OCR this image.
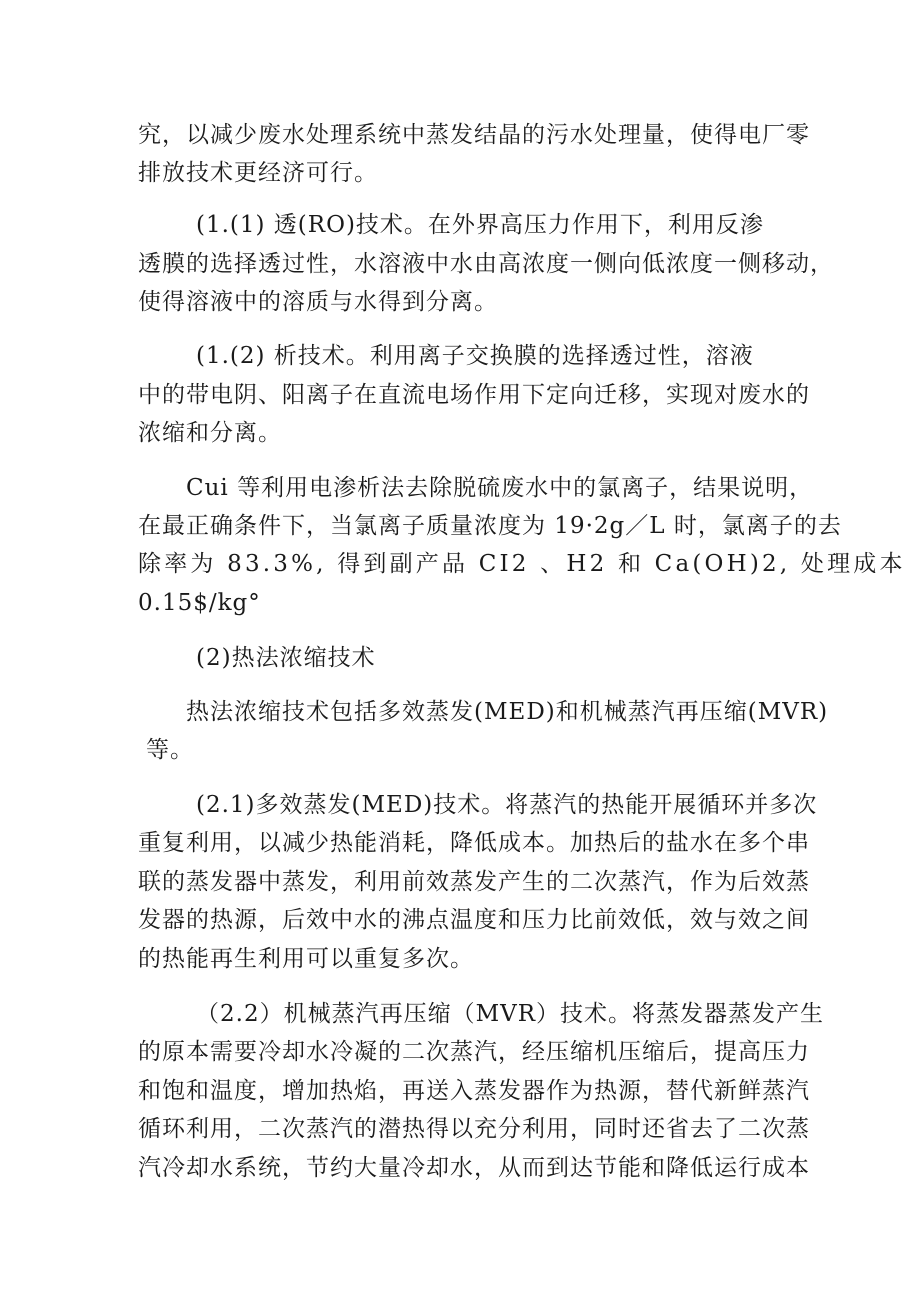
究，以减少废水处理系统中蒸发结晶的污水处理量，使得电厂零
排放技术更经济可行。
(1.(1) 透(RO)技术。在外界高压力作用下，利用反渗
透膜的选择透过性，水溶液中水由高浓度一侧向低浓度一侧移动，
使得溶液中的溶质与水得到分离。
(1.(2) 析技术。利用离子交换膜的选择透过性，溶液
中的带电阴、阳离子在直流电场作用下定向迁移，实现对废水的
浓缩和分离。
Cui 等利用电渗析法去除脱硫废水中的氯离子，结果说明，
在最正确条件下，当氯离子质量浓度为 19·2g／L 时，氯离子的去
除率为 83.3%, 得到副产品 CI2 、H2 和 Ca(OH)2, 处理成本
0.15$/kg°
(2)热法浓缩技术
热法浓缩技术包括多效蒸发(MED)和机械蒸汽再压缩(MVR)
等。
(2.1)多效蒸发(MED)技术。将蒸汽的热能开展循环并多次
重复利用，以减少热能消耗，降低成本。加热后的盐水在多个串
联的蒸发器中蒸发，利用前效蒸发产生的二次蒸汽，作为后效蒸
发器的热源，后效中水的沸点温度和压力比前效低，效与效之间
的热能再生利用可以重复多次。
（2.2）机械蒸汽再压缩（MVR）技术。将蒸发器蒸发产生
的原本需要冷却水冷凝的二次蒸汽，经压缩机压缩后，提高压力
和饱和温度，增加热焰，再送入蒸发器作为热源，替代新鲜蒸汽
循环利用，二次蒸汽的潜热得以充分利用，同时还省去了二次蒸
汽冷却水系统，节约大量冷却水，从而到达节能和降低运行成本
